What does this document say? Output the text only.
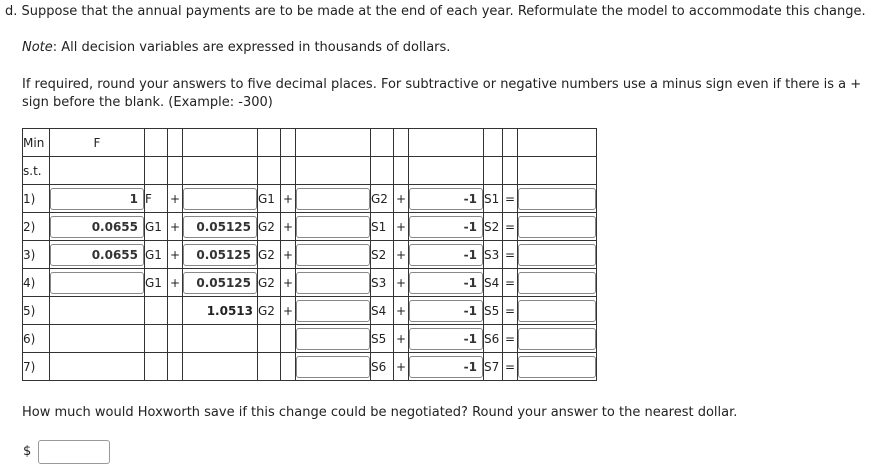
d. Suppose that the annual payments are to be made at the end of each year. Reformulate the model to accommodate this change.
Note: All decision variables are expressed in thousands of dollars.
If required, round your answers to five decimal places. For subtractive or negative numbers use a minus sign even if there is a + sign before the blank. (Example: -300)
Min	F												
s.t.													
1)	1	F	+		G1	+		G2	+	-1	S1	=	

2)	0.0655	G1	+	0.05125	G2	+		S1	+	-1	S2	=	

3)	0.0655	G1	+	0.05125	G2	+		S2	+	-1	S3	=	

4)		G1	+	0.05125	G2	+		S3	+	-1	S4	=	

5)				1.0513	G2	+		S4	+	-1	S5	=	

6)								S5	+	-1	S6	=	

7)								S6	+	-1	S7	=	
How much would Hoxworth save if this change could be negotiated? Round your answer to the nearest dollar.
$
